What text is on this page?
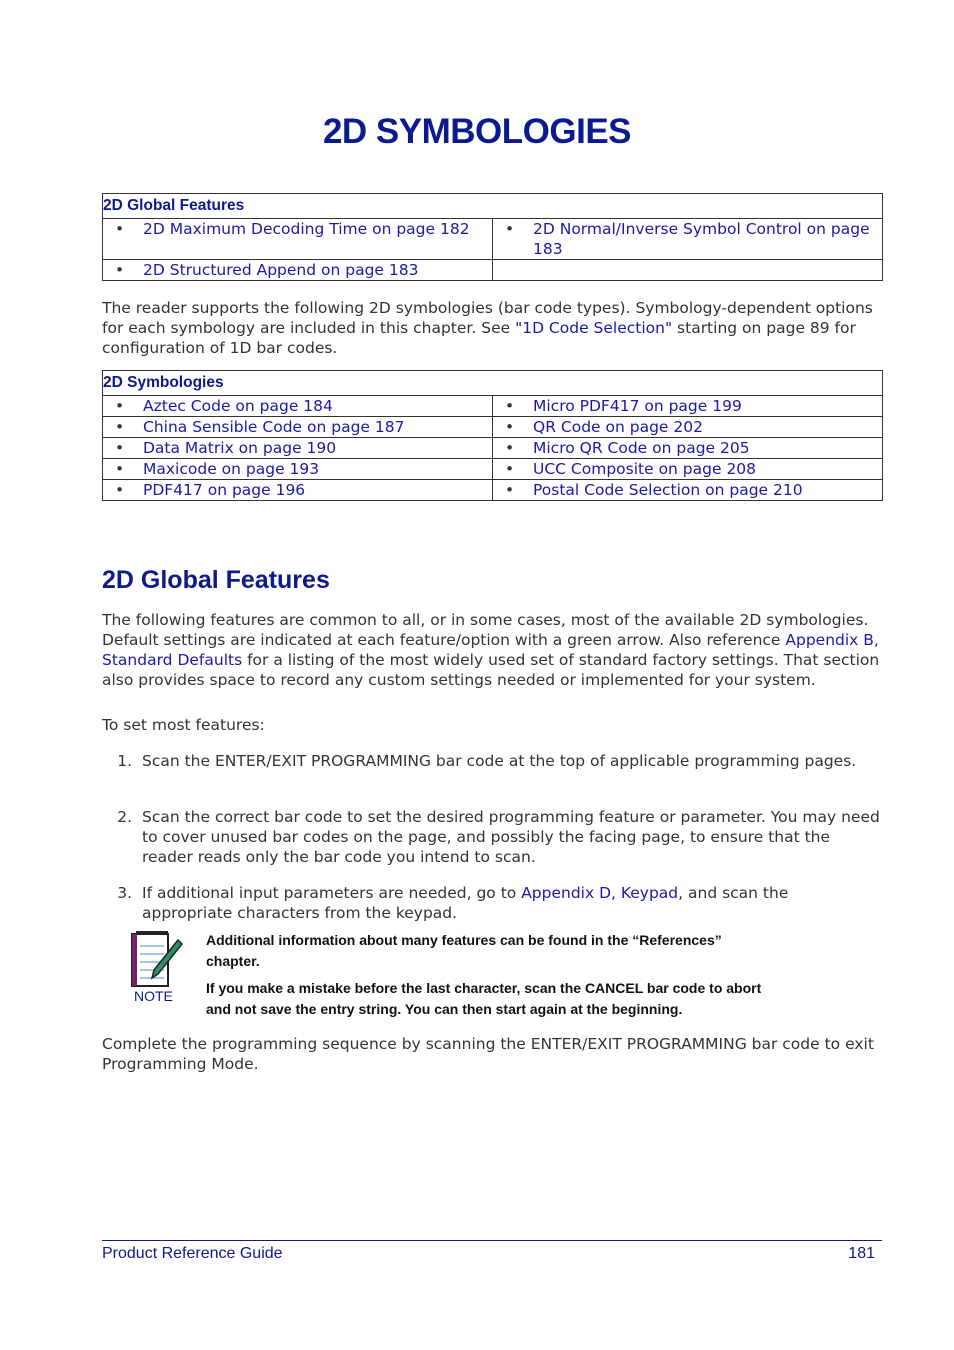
2D SYMBOLOGIES
2D Global Features	

• 2D Maximum Decoding Time on page 182	• 2D Normal/Inverse Symbol Control on page 183

• 2D Structured Append on page 183	

The reader supports the following 2D symbologies (bar code types). Symbology-dependent options for each symbology are included in this chapter. See "1D Code Selection" starting on page 89 for configuration of 1D bar codes.

2D Symbologies	

• Aztec Code on page 184	• Micro PDF417 on page 199

• China Sensible Code on page 187	• QR Code on page 202

• Data Matrix on page 190	• Micro QR Code on page 205

• Maxicode on page 193	• UCC Composite on page 208

• PDF417 on page 196	• Postal Code Selection on page 210
2D Global Features

The following features are common to all, or in some cases, most of the available 2D symbologies. Default settings are indicated at each feature/option with a green arrow. Also reference Appendix B, Standard Defaults for a listing of the most widely used set of standard factory settings. That section also provides space to record any custom settings needed or implemented for your system.

To set most features:

1. Scan the ENTER/EXIT PROGRAMMING bar code at the top of applicable programming pages.
2. Scan the correct bar code to set the desired programming feature or parameter. You may need to cover unused bar codes on the page, and possibly the facing page, to ensure that the reader reads only the bar code you intend to scan.
3. If additional input parameters are needed, go to Appendix D, Keypad, and scan the appropriate characters from the keypad.
NOTE

Additional information about many features can be found in the “References” chapter.

If you make a mistake before the last character, scan the CANCEL bar code to abort and not save the entry string. You can then start again at the beginning.

Complete the programming sequence by scanning the ENTER/EXIT PROGRAMMING bar code to exit Programming Mode.

Product Reference Guide	181
